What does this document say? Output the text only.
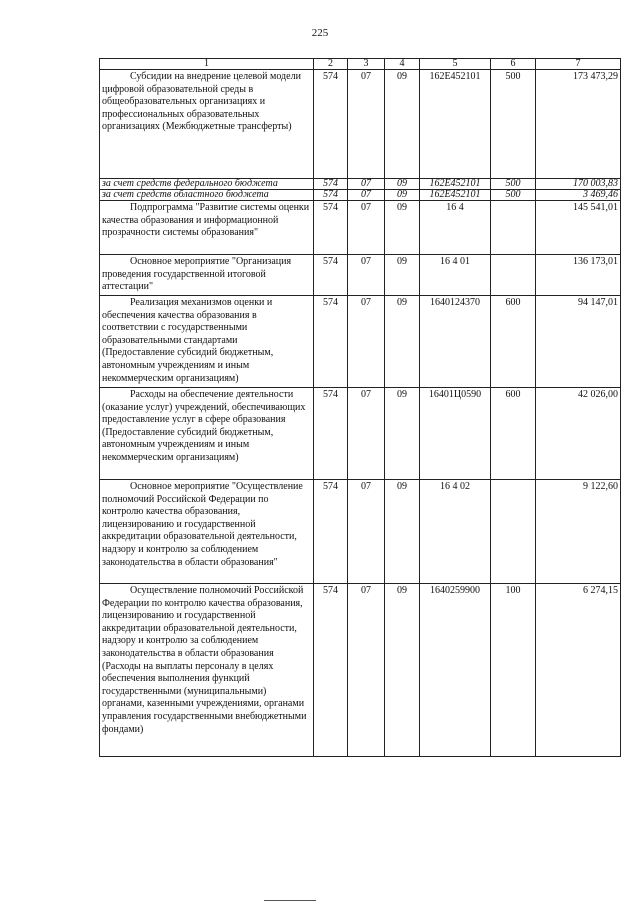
225
1	2	3	4	5	6	7
Субсидии на внедрение целевой модели цифровой образовательной среды в общеобразовательных организациях и профессиональных образовательных организациях (Межбюджетные трансферты)	574	07	09	162E452101	500	173 473,29
за счет средств федерального бюджета	574	07	09	162E452101	500	170 003,83
за счет средств областного бюджета	574	07	09	162E452101	500	3 469,46
Подпрограмма "Развитие системы оценки качества образования и информационной прозрачности системы образования"	574	07	09	16 4		145 541,01
Основное мероприятие "Организация проведения государственной итоговой аттестации"	574	07	09	16 4 01		136 173,01
Реализация механизмов оценки и обеспечения качества образования в соответствии с государственными образовательными стандартами (Предоставление субсидий бюджетным, автономным учреждениям и иным некоммерческим организациям)	574	07	09	1640124370	600	94 147,01
Расходы на обеспечение деятельности (оказание услуг) учреждений, обеспечивающих предоставление услуг в сфере образования (Предоставление субсидий бюджетным, автономным учреждениям и иным некоммерческим организациям)	574	07	09	16401Ц0590	600	42 026,00
Основное мероприятие "Осуществление полномочий Российской Федерации по контролю качества образования, лицензированию и государственной аккредитации образовательной деятельности, надзору и контролю за соблюдением законодательства в области образования"	574	07	09	16 4 02		9 122,60
Осуществление полномочий Российской Федерации по контролю качества образования, лицензированию и государственной аккредитации образовательной деятельности, надзору и контролю за соблюдением законодательства в области образования (Расходы на выплаты персоналу в целях обеспечения выполнения функций государственными (муниципальными) органами, казенными учреждениями, органами управления государственными внебюджетными фондами)	574	07	09	1640259900	100	6 274,15
